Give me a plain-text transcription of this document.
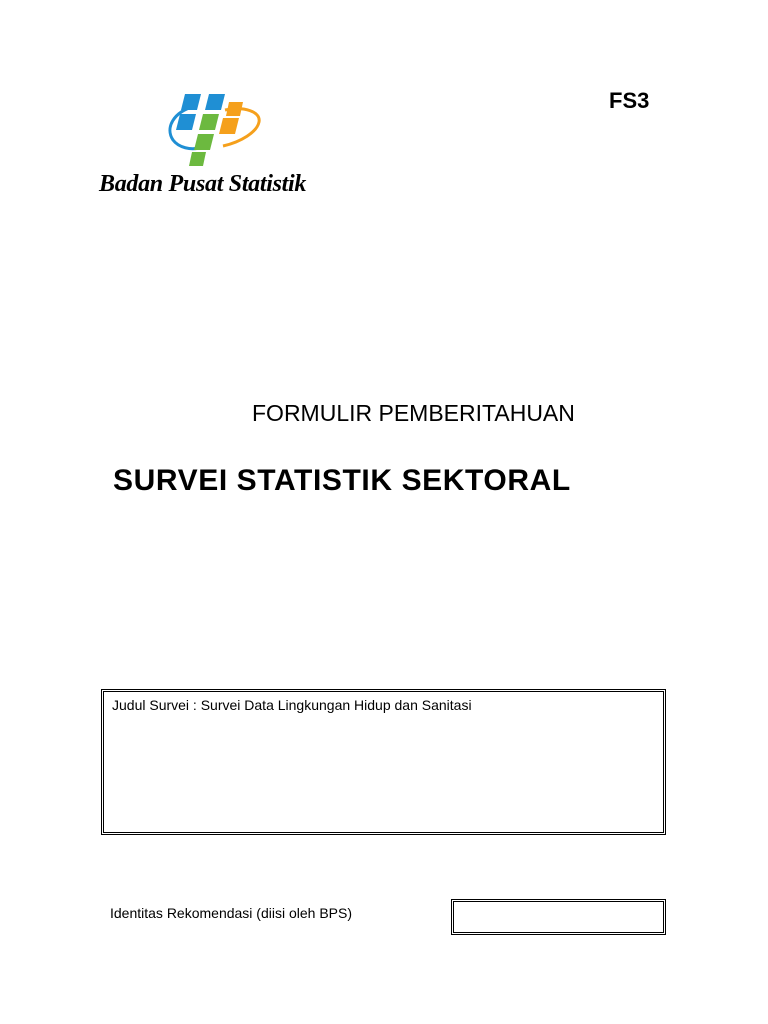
Badan Pusat Statistik
FS3
FORMULIR PEMBERITAHUAN
SURVEI STATISTIK SEKTORAL
Judul Survei : Survei Data Lingkungan Hidup dan Sanitasi
Identitas Rekomendasi (diisi oleh BPS)
